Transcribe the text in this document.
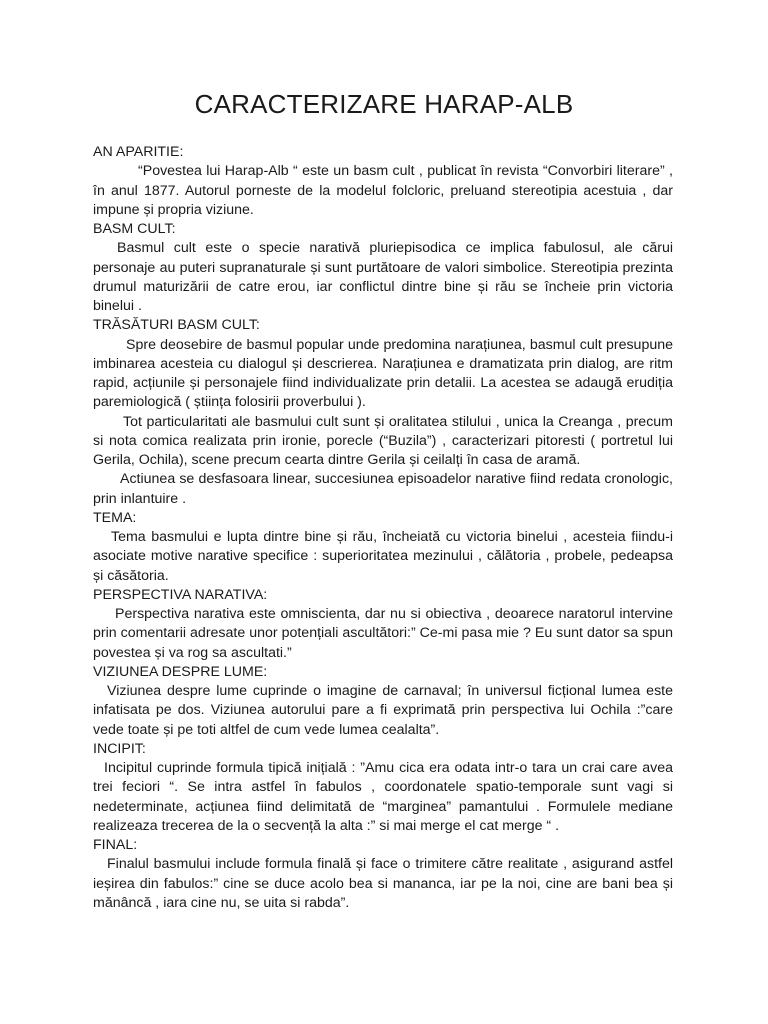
CARACTERIZARE HARAP-ALB
AN APARITIE:

“Povestea lui Harap-Alb “ este un basm cult , publicat în revista “Convorbiri literare” , în anul 1877. Autorul porneste de la modelul folcloric, preluand stereotipia acestuia , dar impune și propria viziune.

BASM CULT:

Basmul cult este o specie narativă pluriepisodica ce implica fabulosul, ale cărui personaje au puteri supranaturale și sunt purtătoare de valori simbolice. Stereotipia prezinta drumul maturizării de catre erou, iar conflictul dintre bine și rău se încheie prin victoria binelui .

TRĂSĂTURI BASM CULT:

Spre deosebire de basmul popular unde predomina narațiunea, basmul cult presupune imbinarea acesteia cu dialogul și descrierea. Narațiunea e dramatizata prin dialog, are ritm rapid, acțiunile și personajele fiind individualizate prin detalii. La acestea se adaugă erudiția paremiologică ( știința folosirii proverbului ).

Tot particularitati ale basmului cult sunt și oralitatea stilului , unica la Creanga , precum si nota comica realizata prin ironie, porecle (“Buzila”) , caracterizari pitoresti ( portretul lui Gerila, Ochila), scene precum cearta dintre Gerila și ceilalți în casa de aramă.

Actiunea se desfasoara linear, succesiunea episoadelor narative fiind redata cronologic, prin inlantuire .

TEMA:

Tema basmului e lupta dintre bine și rău, încheiată cu victoria binelui , acesteia fiindu-i asociate motive narative specifice : superioritatea mezinului , călătoria , probele, pedeapsa și căsătoria.

PERSPECTIVA NARATIVA:

Perspectiva narativa este omniscienta, dar nu si obiectiva , deoarece naratorul intervine prin comentarii adresate unor potențiali ascultători:” Ce-mi pasa mie ? Eu sunt dator sa spun povestea și va rog sa ascultati.”

VIZIUNEA DESPRE LUME:

Viziunea despre lume cuprinde o imagine de carnaval; în universul ficțional lumea este infatisata pe dos. Viziunea autorului pare a fi exprimată prin perspectiva lui Ochila :”care vede toate și pe toti altfel de cum vede lumea cealalta”.

INCIPIT:

Incipitul cuprinde formula tipică inițială : ”Amu cica era odata intr-o tara un crai care avea trei feciori “. Se intra astfel în fabulos , coordonatele spatio-temporale sunt vagi si nedeterminate, acțiunea fiind delimitată de “marginea” pamantului . Formulele mediane realizeaza trecerea de la o secvență la alta :” si mai merge el cat merge “ .

FINAL:

Finalul basmului include formula finală și face o trimitere către realitate , asigurand astfel ieșirea din fabulos:” cine se duce acolo bea si mananca, iar pe la noi, cine are bani bea și mănâncă , iara cine nu, se uita si rabda”.
